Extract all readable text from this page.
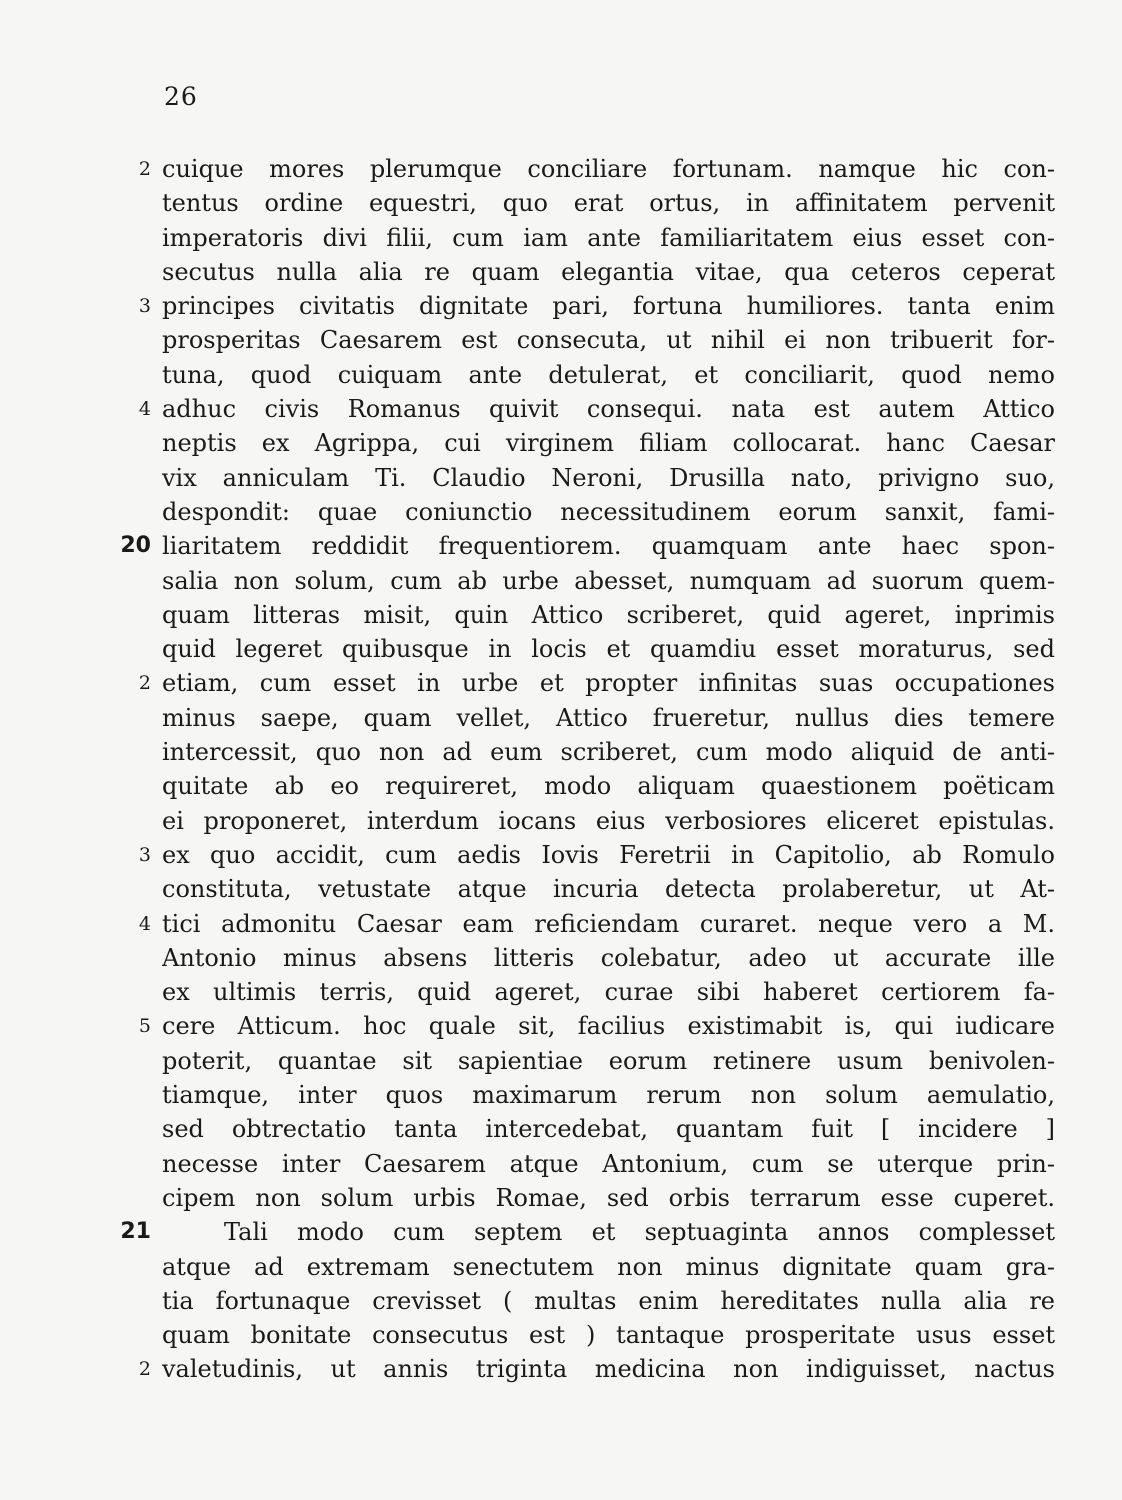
26
2 cuique mores plerumque conciliare fortunam. namque hic con-
tentus ordine equestri, quo erat ortus, in affinitatem pervenit
imperatoris divi filii, cum iam ante familiaritatem eius esset con-
secutus nulla alia re quam elegantia vitae, qua ceteros ceperat
3 principes civitatis dignitate pari, fortuna humiliores. tanta enim
prosperitas Caesarem est consecuta, ut nihil ei non tribuerit for-
tuna, quod cuiquam ante detulerat, et conciliarit, quod nemo
4 adhuc civis Romanus quivit consequi. nata est autem Attico
neptis ex Agrippa, cui virginem filiam collocarat. hanc Caesar
vix anniculam Ti. Claudio Neroni, Drusilla nato, privigno suo,
despondit: quae coniunctio necessitudinem eorum sanxit, fami-
20 liaritatem reddidit frequentiorem. quamquam ante haec spon-
salia non solum, cum ab urbe abesset, numquam ad suorum quem-
quam litteras misit, quin Attico scriberet, quid ageret, inprimis
quid legeret quibusque in locis et quamdiu esset moraturus, sed
2 etiam, cum esset in urbe et propter infinitas suas occupationes
minus saepe, quam vellet, Attico frueretur, nullus dies temere
intercessit, quo non ad eum scriberet, cum modo aliquid de anti-
quitate ab eo requireret, modo aliquam quaestionem poëticam
ei proponeret, interdum iocans eius verbosiores eliceret epistulas.
3 ex quo accidit, cum aedis Iovis Feretrii in Capitolio, ab Romulo
constituta, vetustate atque incuria detecta prolaberetur, ut At-
4 tici admonitu Caesar eam reficiendam curaret. neque vero a M.
Antonio minus absens litteris colebatur, adeo ut accurate ille
ex ultimis terris, quid ageret, curae sibi haberet certiorem fa-
5 cere Atticum. hoc quale sit, facilius existimabit is, qui iudicare
poterit, quantae sit sapientiae eorum retinere usum benivolen-
tiamque, inter quos maximarum rerum non solum aemulatio,
sed obtrectatio tanta intercedebat, quantam fuit [ incidere ]
necesse inter Caesarem atque Antonium, cum se uterque prin-
cipem non solum urbis Romae, sed orbis terrarum esse cuperet.
21	Tali modo cum septem et septuaginta annos complesset
atque ad extremam senectutem non minus dignitate quam gra-
tia fortunaque crevisset ( multas enim hereditates nulla alia re
quam bonitate consecutus est ) tantaque prosperitate usus esset
2 valetudinis, ut annis triginta medicina non indiguisset, nactus
